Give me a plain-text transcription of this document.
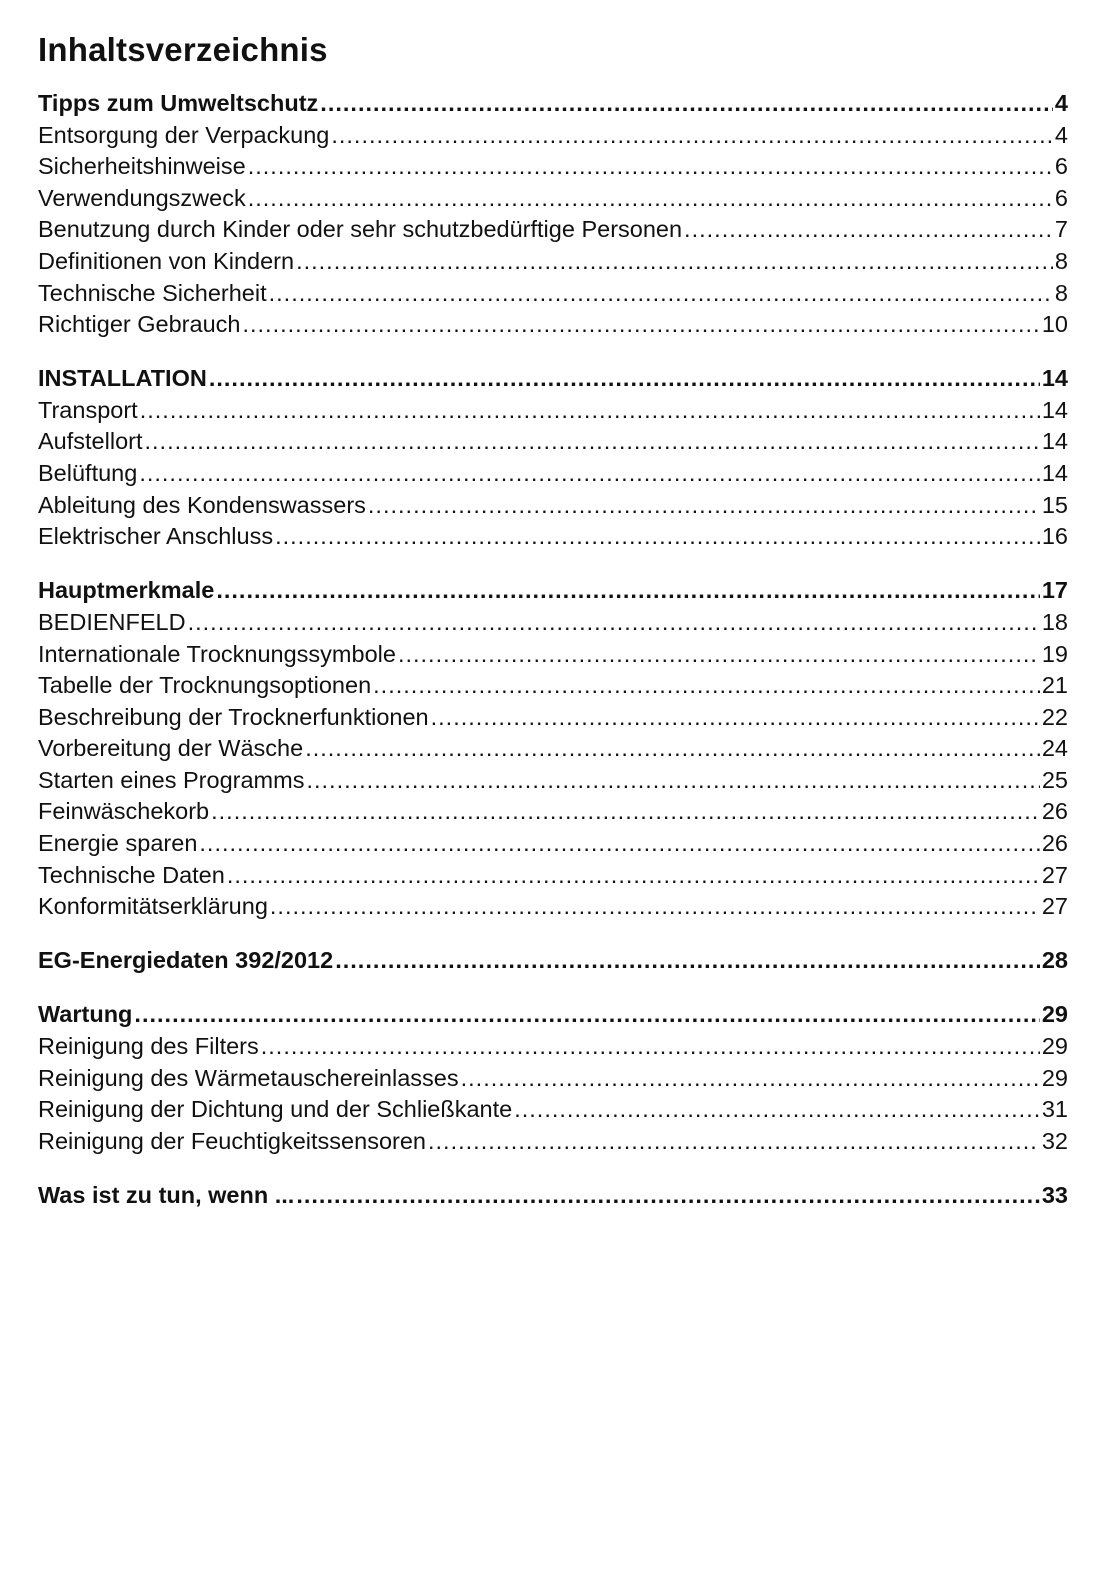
Inhaltsverzeichnis
Tipps zum Umweltschutz .....	4
Entsorgung der Verpackung .....	4
Sicherheitshinweise .....	6
Verwendungszweck .....	6
Benutzung durch Kinder oder sehr schutzbedürftige Personen .....	7
Definitionen von Kindern .....	8
Technische Sicherheit .....	8
Richtiger Gebrauch .....	10
INSTALLATION .....	14
Transport .....	14
Aufstellort .....	14
Belüftung .....	14
Ableitung des Kondenswassers .....	15
Elektrischer Anschluss .....	16
Hauptmerkmale .....	17
BEDIENFELD .....	18
Internationale Trocknungssymbole .....	19
Tabelle der Trocknungsoptionen .....	21
Beschreibung der Trocknerfunktionen .....	22
Vorbereitung der Wäsche .....	24
Starten eines Programms .....	25
Feinwäschekorb .....	26
Energie sparen .....	26
Technische Daten .....	27
Konformitätserklärung .....	27
EG-Energiedaten 392/2012 .....	28
Wartung .....	29
Reinigung des Filters .....	29
Reinigung des Wärmetauschereinlasses .....	29
Reinigung der Dichtung und der Schließkante .....	31
Reinigung der Feuchtigkeitssensoren .....	32
Was ist zu tun, wenn ... .....	33
